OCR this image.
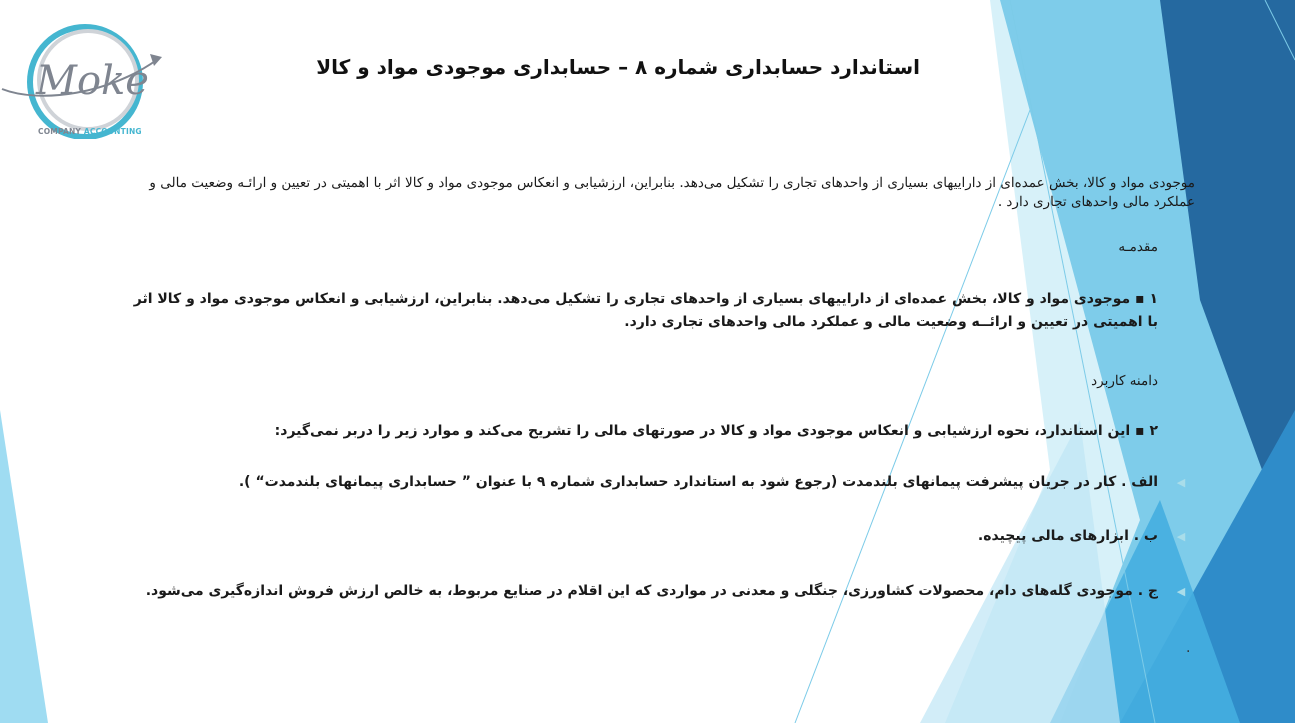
Moke
COMPANY ACCOUNTING
استاندارد حسابداری شماره ۸ – حسابداری موجودی مواد و کالا
موجودی مواد و کالا، بخش عمده‌ای از داراییهای بسیاری از واحدهای تجاری را تشکیل می‌دهد. بنابراین، ارزشیابی و انعکاس موجودی مواد و کالا اثر با اهمیتی در تعیین و ارائـه وضعیت مالی و عملکرد مالی واحدهای تجاری دارد .
مقدمـه
۱ ▪ موجودی مواد و کالا، بخش عمده‌ای از داراییهای بسیاری از واحدهای تجاری را تشکیل می‌دهد. بنابراین، ارزشیابی و انعکاس موجودی مواد و کالا اثر با اهمیتی در تعیین و ارائــه وضعیت مالی و عملکرد مالی واحدهای تجاری دارد.
دامنه کاربرد
۲ ▪ این استاندارد، نحوه ارزشیابی و انعکاس موجودی مواد و کالا در صورتهای مالی را تشریح می‌کند و موارد زیر را دربر نمی‌گیرد:
◀
الف . کار در جریان پیشرفت پیمانهای بلندمدت (رجوع شود به استاندارد حسابداری شماره ۹ با عنوان ” حسابداری پیمانهای بلندمدت“ ).
◀
ب . ابزارهای مالی پیچیده.
◀
ج . موجودی گله‌های دام، محصولات کشاورزی، جنگلی و معدنی در مواردی که این اقلام در صنایع مربوط، به خالص ارزش فروش اندازه‌گیری می‌شود.
.
